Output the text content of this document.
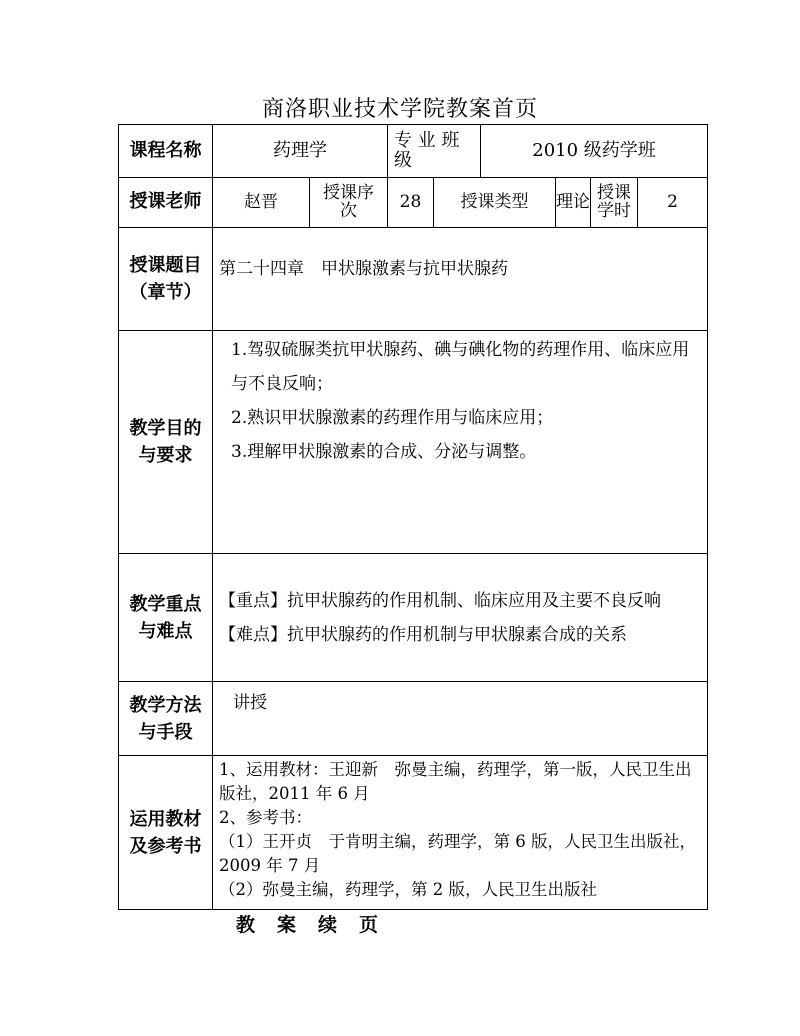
商洛职业技术学院教案首页
课程名称	药理学		专 业 班级		2010 级药学班			
授课老师	赵晋	授课序次	28	授课类型		理论	授课学时	2
授课题目（章节）	第二十四章　甲状腺激素与抗甲状腺药							
教学目的与要求	1.驾驭硫脲类抗甲状腺药、碘与碘化物的药理作用、临床应用与不良反响；
2.熟识甲状腺激素的药理作用与临床应用；
3.理解甲状腺激素的合成、分泌与调整。							

教学重点与难点	【重点】抗甲状腺药的作用机制、临床应用及主要不良反响
【难点】抗甲状腺药的作用机制与甲状腺素合成的关系							

教学方法与手段	讲授							
运用教材及参考书	1、运用教材：王迎新　弥曼主编，药理学，第一版，人民卫生出版社，2011 年 6 月
2、参考书：
（1）王开贞　于肯明主编，药理学，第 6 版，人民卫生出版社，2009 年 7 月
（2）弥曼主编，药理学，第 2 版，人民卫生出版社							
教案续页
